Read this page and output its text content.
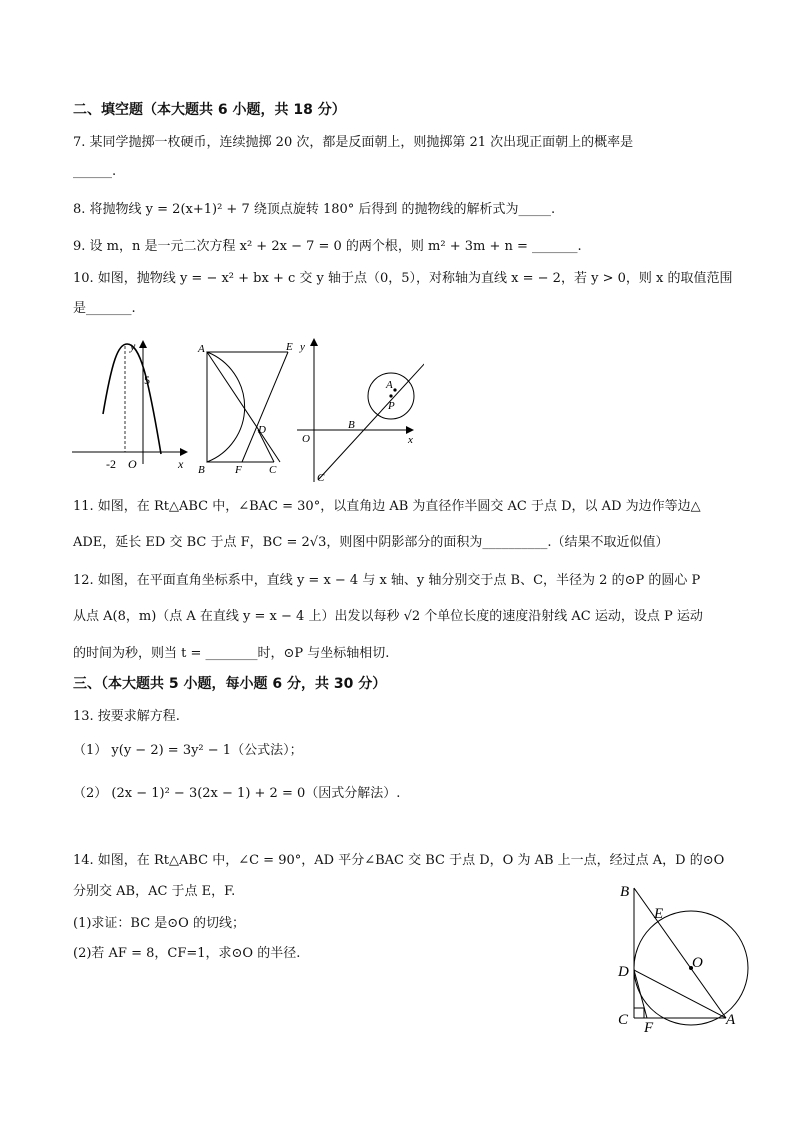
二、填空题（本大题共 6 小题，共 18 分）
7. 某同学抛掷一枚硬币，连续抛掷 20 次，都是反面朝上，则抛掷第 21 次出现正面朝上的概率是
______.
8. 将抛物线 y = 2(x+1)² + 7 绕顶点旋转 180° 后得到 的抛物线的解析式为_____.
9. 设 m，n 是一元二次方程 x² + 2x − 7 = 0 的两个根，则 m² + 3m + n = _______.
10. 如图，抛物线 y = − x² + bx + c 交 y 轴于点（0，5），对称轴为直线 x = − 2，若 y > 0，则 x 的取值范围
是_______.
y
5
-2 O	x
A	E
D
B	F C
y
A
P
O
B
x
C
11. 如图，在 Rt△ABC 中，∠BAC = 30°，以直角边 AB 为直径作半圆交 AC 于点 D，以 AD 为边作等边△
ADE，延长 ED 交 BC 于点 F，BC = 2√3，则图中阴影部分的面积为__________.（结果不取近似值）
12. 如图，在平面直角坐标系中，直线 y = x − 4 与 x 轴、y 轴分别交于点 B、C，半径为 2 的⊙P 的圆心 P
从点 A(8，m)（点 A 在直线 y = x − 4 上）出发以每秒 √2 个单位长度的速度沿射线 AC 运动，设点 P 运动
的时间为秒，则当 t = ________时，⊙P 与坐标轴相切.
三、（本大题共 5 小题，每小题 6 分，共 30 分）
13. 按要求解方程.
（1） y(y − 2) = 3y² − 1（公式法）；
（2） (2x − 1)² − 3(2x − 1) + 2 = 0（因式分解法）.
14. 如图，在 Rt△ABC 中，∠C = 90°，AD 平分∠BAC 交 BC 于点 D，O 为 AB 上一点，经过点 A，D 的⊙O
分别交 AB，AC 于点 E，F.
(1)求证：BC 是⊙O 的切线；
(2)若 AF = 8，CF=1，求⊙O 的半径.
B
E
O
D
C F	A
